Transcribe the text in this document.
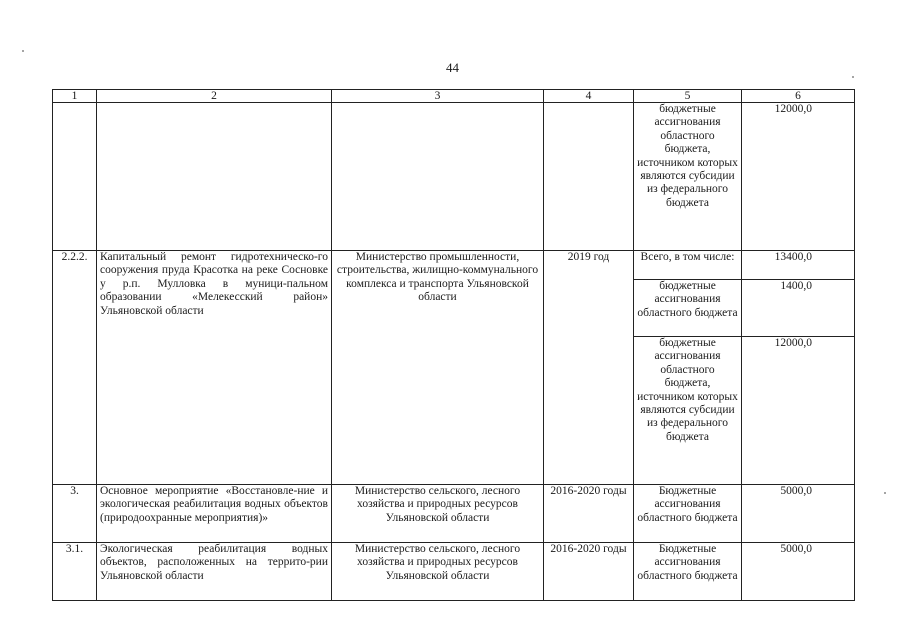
44
1	2	3	4	5	6
				бюджетные ассигнования областного бюджета, источником которых являются субсидии из федерального бюджета	12000,0
2.2.2.	Капитальный ремонт гидротехническо-го сооружения пруда Красотка на реке Сосновке у р.п. Мулловка в муници-пальном образовании «Мелекесский район» Ульяновской области	Министерство промышленности, строительства, жилищно-коммунального комплекса и транспорта Ульяновской области	2019 год	Всего, в том числе:	13400,0
				бюджетные ассигнования областного бюджета	1400,0
				бюджетные ассигнования областного бюджета, источником которых являются субсидии из федерального бюджета	12000,0
3.	Основное мероприятие «Восстановле-ние и экологическая реабилитация водных объектов (природоохранные мероприятия)»	Министерство сельского, лесного хозяйства и природных ресурсов Ульяновской области	2016-2020 годы	Бюджетные ассигнования областного бюджета	5000,0
3.1.	Экологическая реабилитация водных объектов, расположенных на террито-рии Ульяновской области	Министерство сельского, лесного хозяйства и природных ресурсов Ульяновской области	2016-2020 годы	Бюджетные ассигнования областного бюджета	5000,0
